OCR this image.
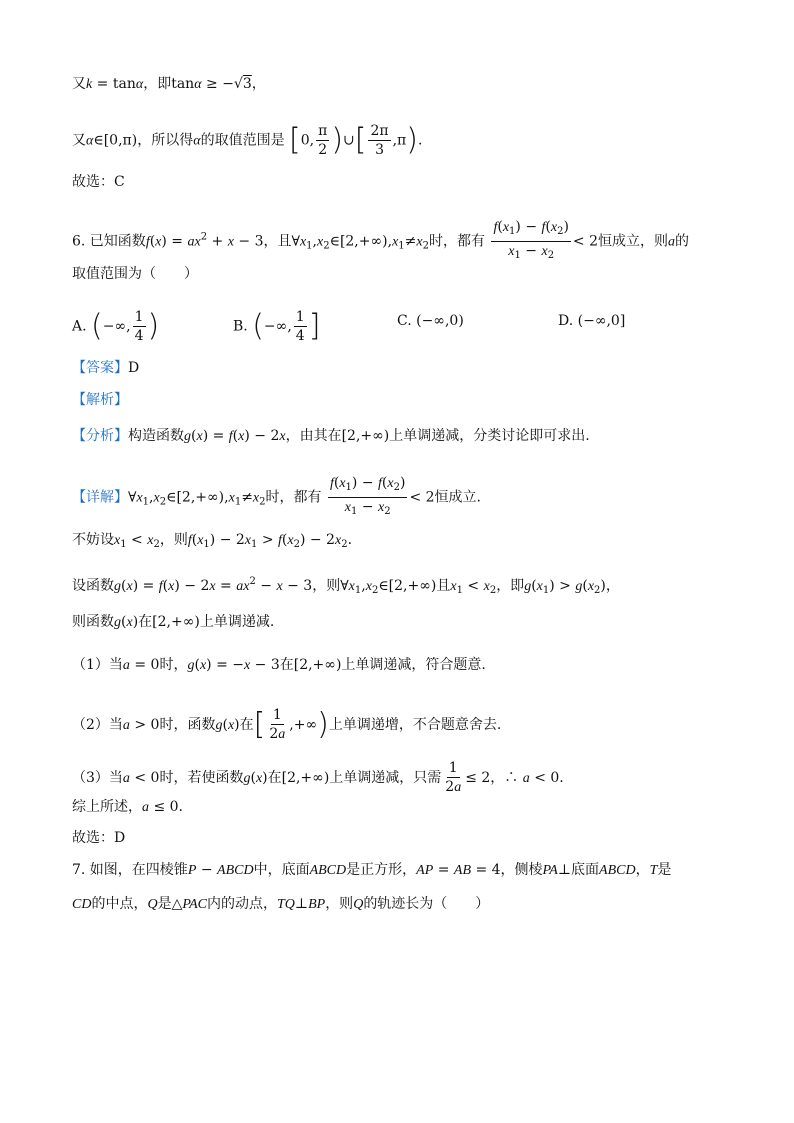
又k = tanα，即tanα ≥ −√3，
又α∈[0,π)，所以得α的取值范围是 [0, $\frac{\pi}{2}$ )∪[ $\frac{2\pi}{3} ,\pi$).
故选：C
6. 已知函数$f(x) = ax^2 + x - 3$，且$\forall x_1,x_2\in[2,+\infty),x_1\ne x_2$时，都有 $\frac{f(x_1) - f(x_2)}{x_1 - x_2} < 2$恒成立，则a的
取值范围为（　　）
A. (−∞, $\frac{1}{4}$ )	B. (−∞, $\frac{1}{4}$ ]	C. (−∞,0)	D. (−∞,0]
【答案】D
【解析】
【分析】构造函数g(x) = f(x) − 2x，由其在[2,+∞)上单调递减，分类讨论即可求出.
【详解】$\forall x_1,x_2\in[2,+\infty),x_1\ne x_2$时，都有 $\frac{f(x_1) - f(x_2)}{x_1 - x_2} < 2$恒成立.
不妨设$x_1 < x_2$，则$f(x_1) - 2x_1 > f(x_2) - 2x_2$.
设函数$g(x) = f(x) - 2x = ax^2 - x - 3$，则$\forall x_1,x_2\in[2,+\infty)$且$x_1 < x_2$，即$g(x_1) > g(x_2)$，
则函数g(x)在[2,+∞)上单调递减.
（1）当a = 0时，g(x) = −x − 3在[2,+∞)上单调递减，符合题意.
（2）当a > 0时，函数g(x)在[ $\frac{1}{2a}$ ,+∞)上单调递增，不合题意舍去.
（3）当a < 0时，若使函数g(x)在[2,+∞)上单调递减，只需 $\frac{1}{2a} \le 2$，∴ a < 0.
综上所述，a ≤ 0.
故选：D
7. 如图，在四棱锥P − ABCD中，底面ABCD是正方形，AP = AB = 4，侧棱PA⊥底面ABCD，T是
CD的中点，Q是△PAC内的动点，TQ⊥BP，则Q的轨迹长为（　　）
